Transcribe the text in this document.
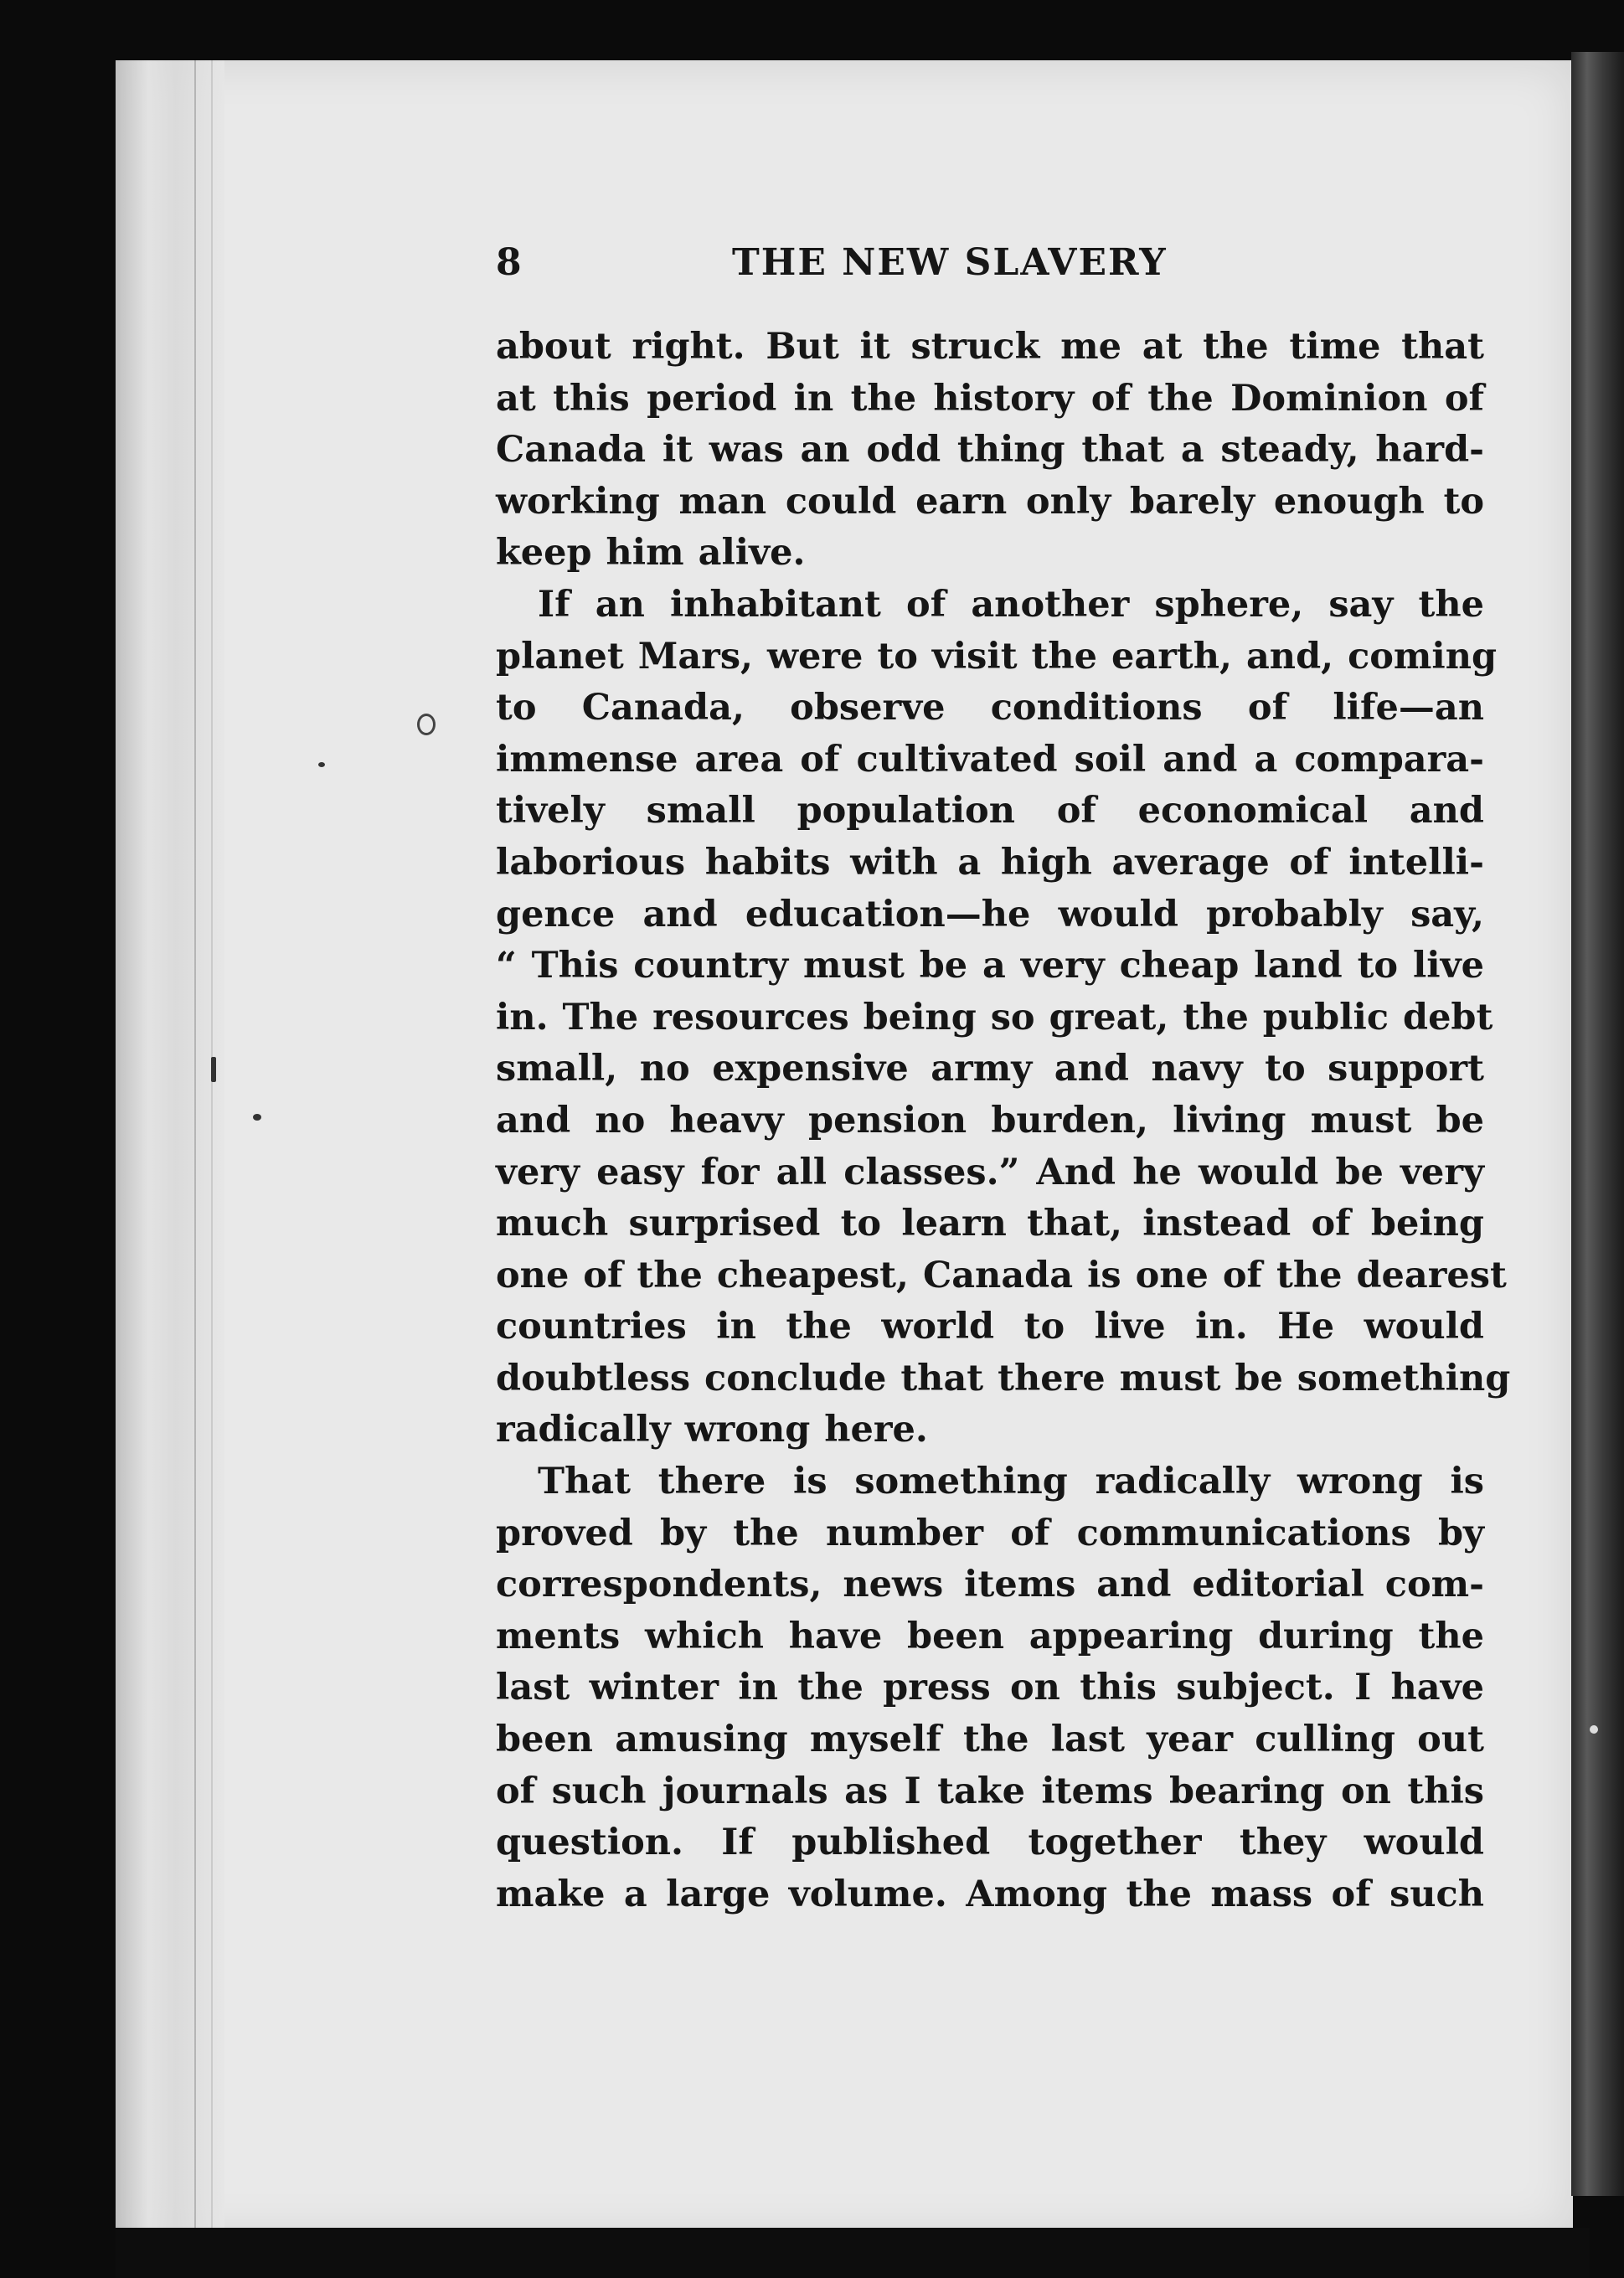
8	THE NEW SLAVERY
about right. But it struck me at the time that
at this period in the history of the Dominion of
Canada it was an odd thing that a steady, hard-
working man could earn only barely enough to
keep him alive.
If an inhabitant of another sphere, say the
planet Mars, were to visit the earth, and, coming
to Canada, observe conditions of life—an
immense area of cultivated soil and a compara-
tively small population of economical and
laborious habits with a high average of intelli-
gence and education—he would probably say,
“ This country must be a very cheap land to live
in. The resources being so great, the public debt
small, no expensive army and navy to support
and no heavy pension burden, living must be
very easy for all classes.” And he would be very
much surprised to learn that, instead of being
one of the cheapest, Canada is one of the dearest
countries in the world to live in. He would
doubtless conclude that there must be something
radically wrong here.
That there is something radically wrong is
proved by the number of communications by
correspondents, news items and editorial com-
ments which have been appearing during the
last winter in the press on this subject. I have
been amusing myself the last year culling out
of such journals as I take items bearing on this
question. If published together they would
make a large volume. Among the mass of such
